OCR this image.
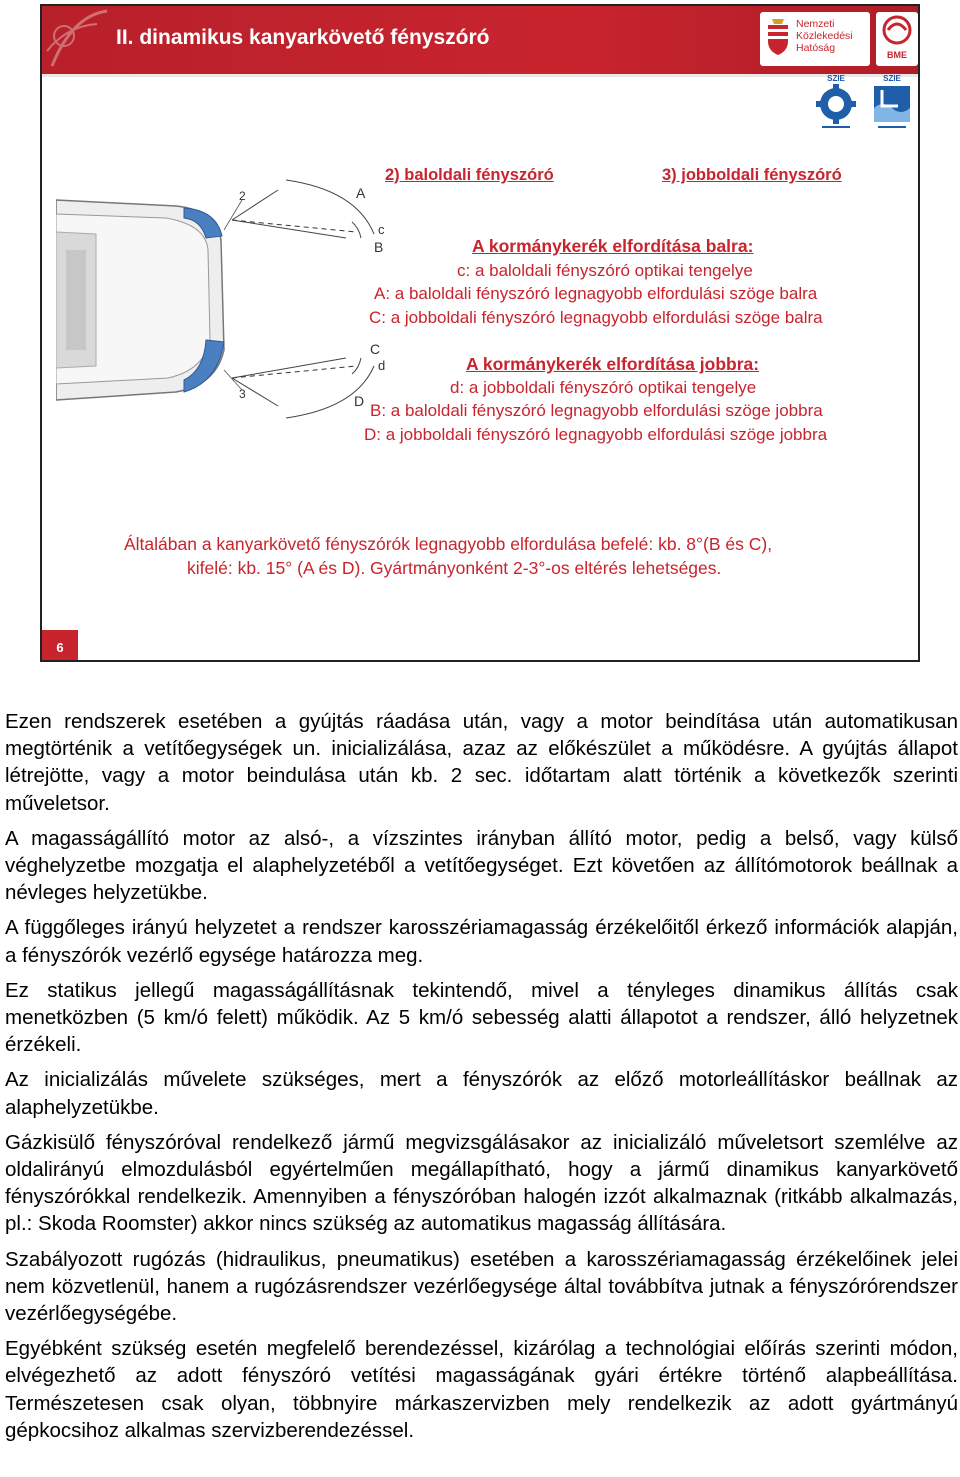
II. dinamikus kanyarkövető fényszóró
Nemzeti Közlekedési Hatóság
BME
SZIE	SZIE
2
3
A
c
B
C
d
D
2) baloldali fényszóró	3) jobboldali fényszóró
A kormánykerék elfordítása balra:
c: a baloldali fényszóró optikai tengelye
A: a baloldali fényszóró legnagyobb elfordulási szöge balra
C: a jobboldali fényszóró legnagyobb elfordulási szöge balra
A kormánykerék elfordítása jobbra:
d: a jobboldali fényszóró optikai tengelye
B: a baloldali fényszóró legnagyobb elfordulási szöge jobbra
D: a jobboldali fényszóró legnagyobb elfordulási szöge jobbra
Általában a kanyarkövető fényszórók legnagyobb elfordulása befelé: kb. 8°(B és C),
kifelé: kb. 15° (A és D). Gyártmányonként 2-3°-os eltérés lehetséges.
6

Ezen rendszerek esetében a gyújtás ráadása után, vagy a motor beindítása után automatikusan megtörténik a vetítőegységek un. inicializálása, azaz az előkészület a működésre. A gyújtás állapot létrejötte, vagy a motor beindulása után kb. 2 sec. időtartam alatt történik a következők szerinti műveletsor.

A magasságállító motor az alsó-, a vízszintes irányban állító motor, pedig a belső, vagy külső véghelyzetbe mozgatja el alaphelyzetéből a vetítőegységet. Ezt követően az állítómotorok beállnak a névleges helyzetükbe.

A függőleges irányú helyzetet a rendszer karosszériamagasság érzékelőitől érkező információk alapján, a fényszórók vezérlő egysége határozza meg.

Ez statikus jellegű magasságállításnak tekintendő, mivel a tényleges dinamikus állítás csak menetközben (5 km/ó felett) működik. Az 5 km/ó sebesség alatti állapotot a rendszer, álló helyzetnek érzékeli.

Az inicializálás művelete szükséges, mert a fényszórók az előző motorleállításkor beállnak az alaphelyzetükbe.

Gázkisülő fényszóróval rendelkező jármű megvizsgálásakor az inicializáló műveletsort szemlélve az oldalirányú elmozdulásból egyértelműen megállapítható, hogy a jármű dinamikus kanyarkövető fényszórókkal rendelkezik. Amennyiben a fényszóróban halogén izzót alkalmaznak (ritkább alkalmazás, pl.: Skoda Roomster) akkor nincs szükség az automatikus magasság állítására.

Szabályozott rugózás (hidraulikus, pneumatikus) esetében a karosszériamagasság érzékelőinek jelei nem közvetlenül, hanem a rugózásrendszer vezérlőegysége által továbbítva jutnak a fényszórórendszer vezérlőegységébe.

Egyébként szükség esetén megfelelő berendezéssel, kizárólag a technológiai előírás szerinti módon, elvégezhető az adott fényszóró vetítési magasságának gyári értékre történő alapbeállítása. Természetesen csak olyan, többnyire márkaszervizben mely rendelkezik az adott gyártmányú gépkocsihoz alkalmas szervizberendezéssel.
